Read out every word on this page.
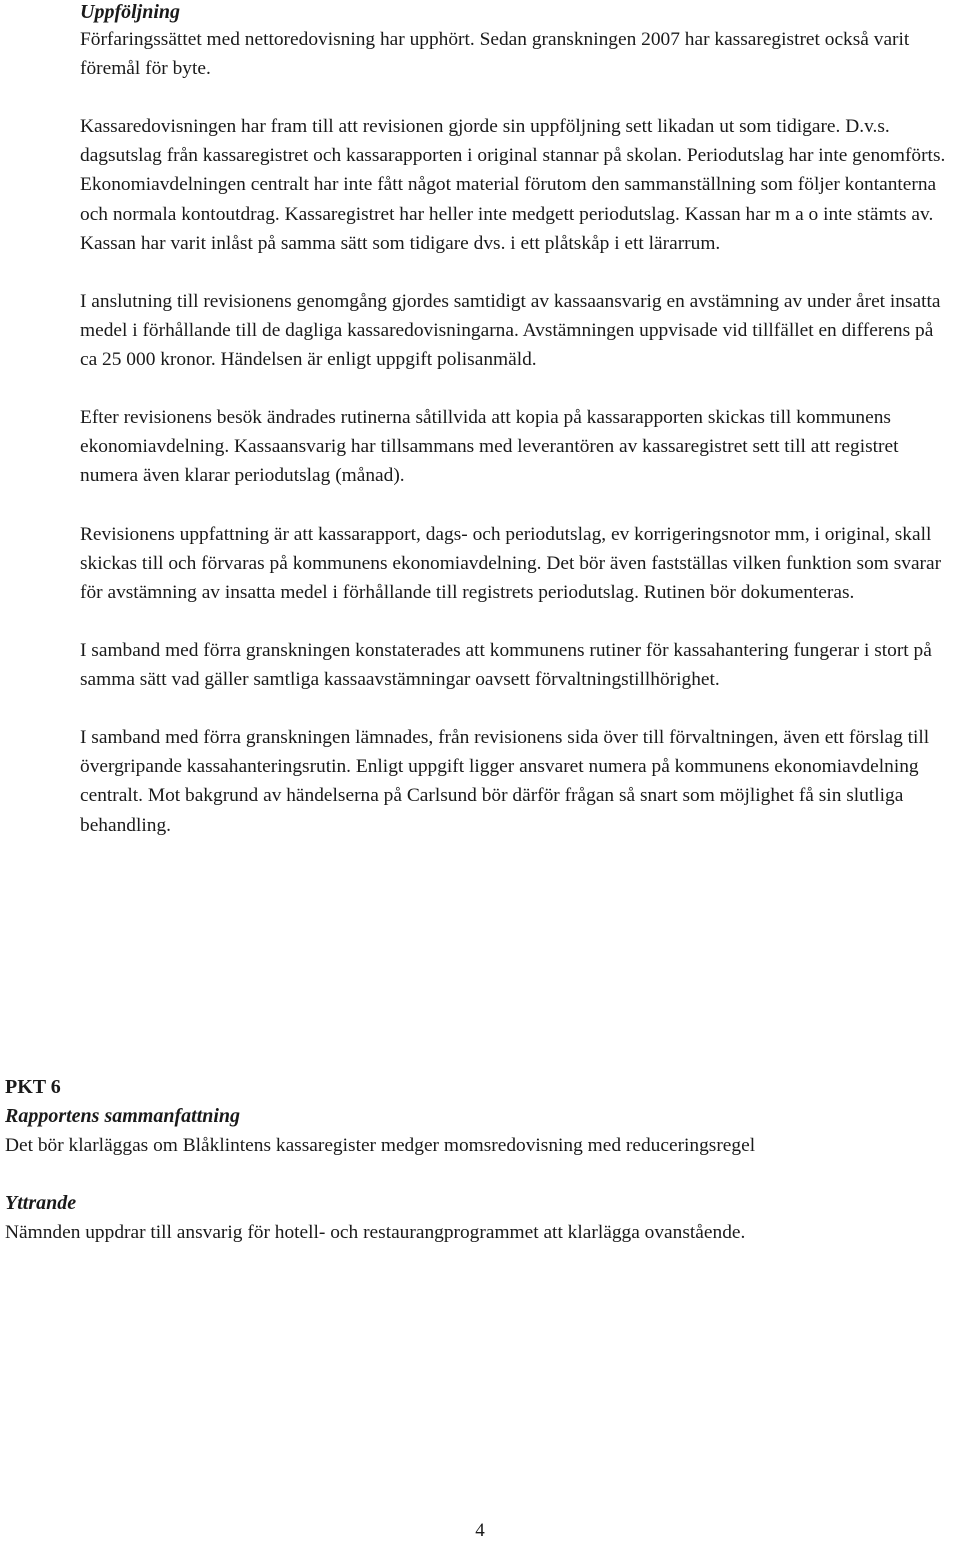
Uppföljning

Förfaringssättet med nettoredovisning har upphört. Sedan granskningen 2007 har kassaregistret också varit föremål för byte.

Kassaredovisningen har fram till att revisionen gjorde sin uppföljning sett likadan ut som tidigare. D.v.s. dagsutslag från kassaregistret och kassarapporten i original stannar på skolan. Periodutslag har inte genomförts. Ekonomiavdelningen centralt har inte fått något material förutom den sammanställning som följer kontanterna och normala kontoutdrag. Kassaregistret har heller inte medgett periodutslag. Kassan har m a o inte stämts av. Kassan har varit inlåst på samma sätt som tidigare dvs. i ett plåtskåp i ett lärarrum.

I anslutning till revisionens genomgång gjordes samtidigt av kassaansvarig en avstämning av under året insatta medel i förhållande till de dagliga kassaredovisningarna. Avstämningen uppvisade vid tillfället en differens på ca 25 000 kronor. Händelsen är enligt uppgift polisanmäld.

Efter revisionens besök ändrades rutinerna såtillvida att kopia på kassarapporten skickas till kommunens ekonomiavdelning. Kassaansvarig har tillsammans med leverantören av kassaregistret sett till att registret numera även klarar periodutslag (månad).

Revisionens uppfattning är att kassarapport, dags- och periodutslag, ev korrigeringsnotor mm, i original, skall skickas till och förvaras på kommunens ekonomiavdelning. Det bör även fastställas vilken funktion som svarar för avstämning av insatta medel i förhållande till registrets periodutslag. Rutinen bör dokumenteras.

I samband med förra granskningen konstaterades att kommunens rutiner för kassahantering fungerar i stort på samma sätt vad gäller samtliga kassaavstämningar oavsett förvaltningstillhörighet.

I samband med förra granskningen lämnades, från revisionens sida över till förvaltningen, även ett förslag till övergripande kassahanteringsrutin. Enligt uppgift ligger ansvaret numera på kommunens ekonomiavdelning centralt. Mot bakgrund av händelserna på Carlsund bör därför frågan så snart som möjlighet få sin slutliga behandling.

PKT 6
Rapportens sammanfattning

Det bör klarläggas om Blåklintens kassaregister medger momsredovisning med reduceringsregel

Yttrande

Nämnden uppdrar till ansvarig för hotell- och restaurangprogrammet att klarlägga ovanstående.

4
